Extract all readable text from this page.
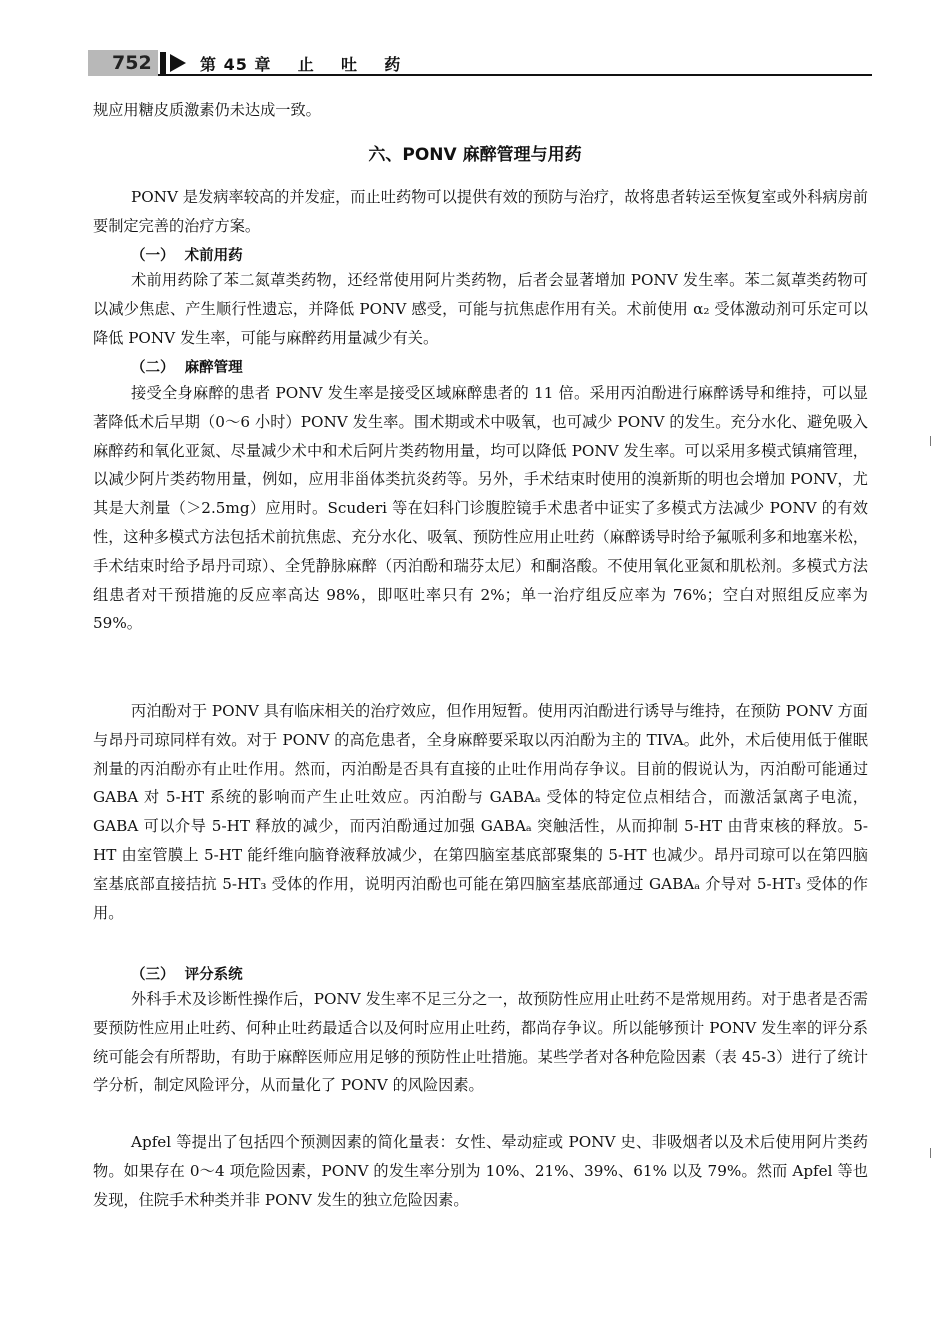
752	第 45 章    止    吐    药
规应用糖皮质激素仍未达成一致。
六、PONV 麻醉管理与用药
PONV 是发病率较高的并发症，而止吐药物可以提供有效的预防与治疗，故将患者转运至恢复室或外科病房前要制定完善的治疗方案。
（一）  术前用药
术前用药除了苯二氮䓬类药物，还经常使用阿片类药物，后者会显著增加 PONV 发生率。苯二氮䓬类药物可以减少焦虑、产生顺行性遗忘，并降低 PONV 感受，可能与抗焦虑作用有关。术前使用 α₂ 受体激动剂可乐定可以降低 PONV 发生率，可能与麻醉药用量减少有关。
（二）  麻醉管理
接受全身麻醉的患者 PONV 发生率是接受区域麻醉患者的 11 倍。采用丙泊酚进行麻醉诱导和维持，可以显著降低术后早期（0～6 小时）PONV 发生率。围术期或术中吸氧，也可减少 PONV 的发生。充分水化、避免吸入麻醉药和氧化亚氮、尽量减少术中和术后阿片类药物用量，均可以降低 PONV 发生率。可以采用多模式镇痛管理，以减少阿片类药物用量，例如，应用非甾体类抗炎药等。另外，手术结束时使用的溴新斯的明也会增加 PONV，尤其是大剂量（＞2.5mg）应用时。Scuderi 等在妇科门诊腹腔镜手术患者中证实了多模式方法减少 PONV 的有效性，这种多模式方法包括术前抗焦虑、充分水化、吸氧、预防性应用止吐药（麻醉诱导时给予氟哌利多和地塞米松，手术结束时给予昂丹司琼）、全凭静脉麻醉（丙泊酚和瑞芬太尼）和酮洛酸。不使用氧化亚氮和肌松剂。多模式方法组患者对干预措施的反应率高达 98%，即呕吐率只有 2%；单一治疗组反应率为 76%；空白对照组反应率为 59%。
丙泊酚对于 PONV 具有临床相关的治疗效应，但作用短暂。使用丙泊酚进行诱导与维持，在预防 PONV 方面与昂丹司琼同样有效。对于 PONV 的高危患者，全身麻醉要采取以丙泊酚为主的 TIVA。此外，术后使用低于催眠剂量的丙泊酚亦有止吐作用。然而，丙泊酚是否具有直接的止吐作用尚存争议。目前的假说认为，丙泊酚可能通过 GABA 对 5-HT 系统的影响而产生止吐效应。丙泊酚与 GABAₐ 受体的特定位点相结合，而激活氯离子电流，GABA 可以介导 5-HT 释放的减少，而丙泊酚通过加强 GABAₐ 突触活性，从而抑制 5-HT 由背束核的释放。5-HT 由室管膜上 5-HT 能纤维向脑脊液释放减少，在第四脑室基底部聚集的 5-HT 也减少。昂丹司琼可以在第四脑室基底部直接拮抗 5-HT₃ 受体的作用，说明丙泊酚也可能在第四脑室基底部通过 GABAₐ 介导对 5-HT₃ 受体的作用。
（三）  评分系统
外科手术及诊断性操作后，PONV 发生率不足三分之一，故预防性应用止吐药不是常规用药。对于患者是否需要预防性应用止吐药、何种止吐药最适合以及何时应用止吐药，都尚存争议。所以能够预计 PONV 发生率的评分系统可能会有所帮助，有助于麻醉医师应用足够的预防性止吐措施。某些学者对各种危险因素（表 45-3）进行了统计学分析，制定风险评分，从而量化了 PONV 的风险因素。
Apfel 等提出了包括四个预测因素的简化量表：女性、晕动症或 PONV 史、非吸烟者以及术后使用阿片类药物。如果存在 0～4 项危险因素，PONV 的发生率分别为 10%、21%、39%、61% 以及 79%。然而 Apfel 等也发现，住院手术种类并非 PONV 发生的独立危险因素。
